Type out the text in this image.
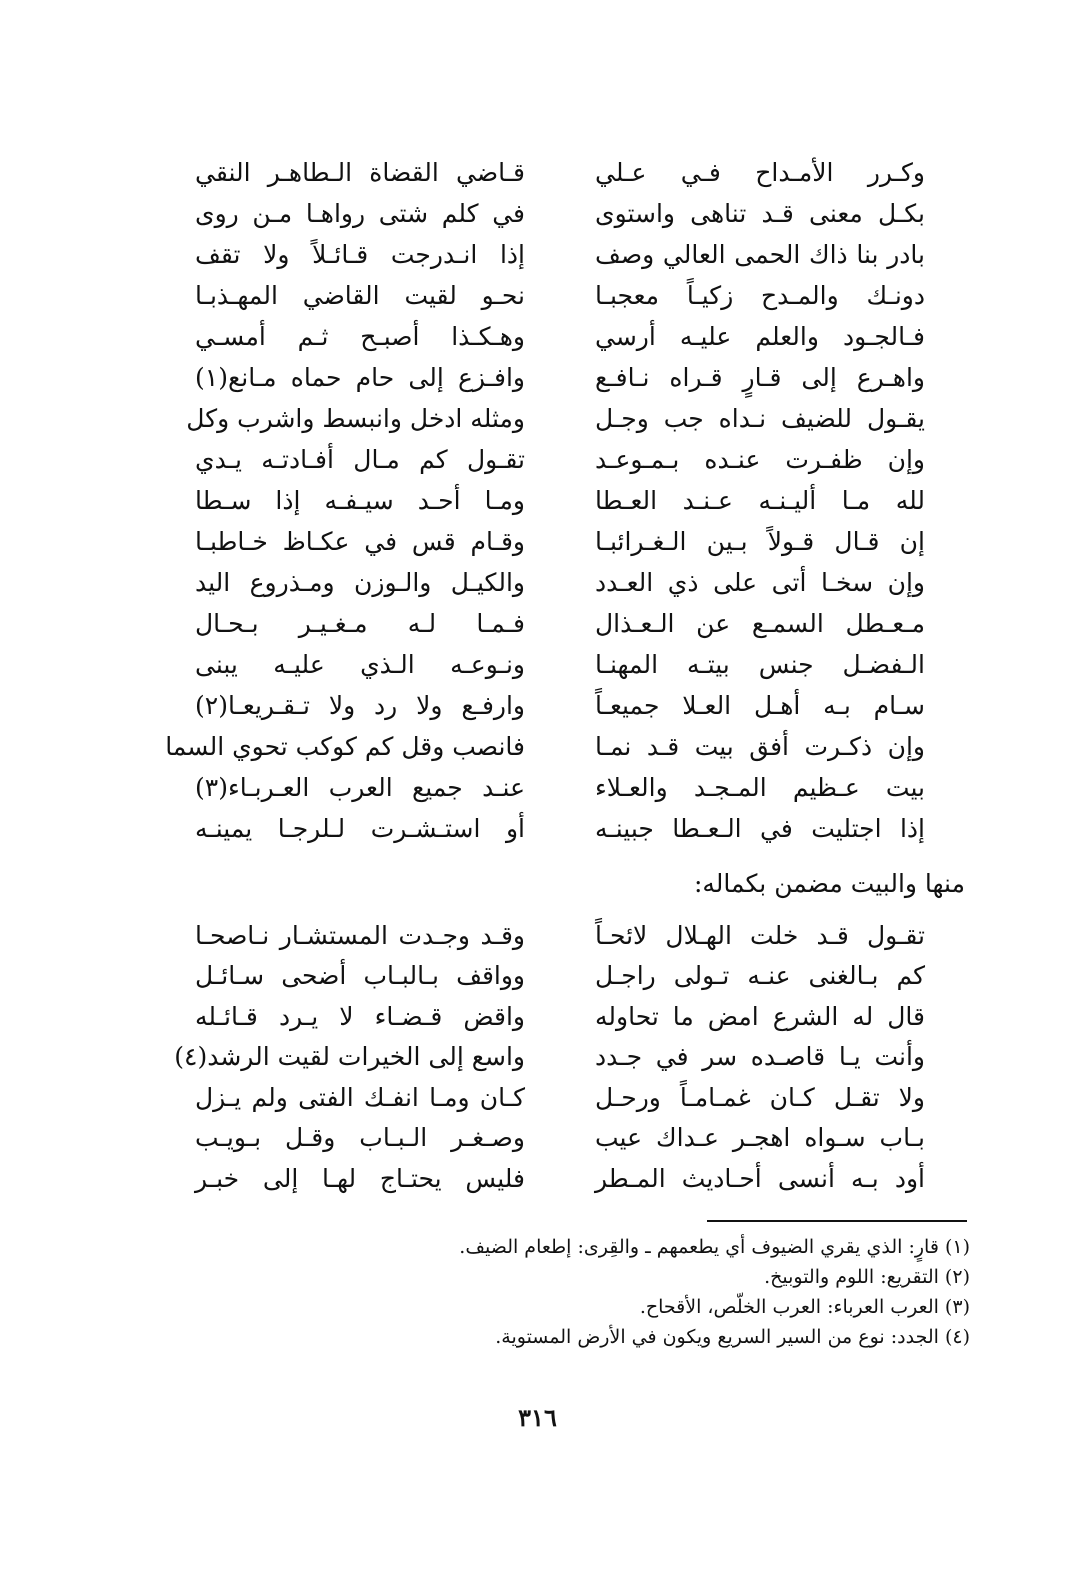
وكـرر الأمـداح فـي عـلي
قـاضي القضاة الـطاهـر النقي
بكـل معنى قـد تناهى واستوى
في كلم شتى رواهـا مـن روى
بادر بنا ذاك الحمى العالي وصف
إذا انـدرجت قـائـلاً ولا تقف
دونـك والمـدح زكيـاً معجبـا
نحـو لقيت القاضي المهـذبـا
فـالجـود والعلم عليـه أرسي
وهـكـذا أصبـح ثـم أمسـي
واهـرع إلى قـارٍ قـراه نـافـع
وافـزع إلى حام حماه مـانع(١)
يقـول للضيف نـداه جب وجـل
ومثله ادخل وانبسط واشرب وكل
وإن ظفـرت عنـده بـمـوعـد
تقـول كم مـال أفـادتـه يـدي
لله مـا أليـنـه عـنـد العـطا
ومـا أحـد سيـفـه إذا سـطا
إن قـال قـولاً بـين الـغـرائبـا
وقـام قس في عكـاظ خـاطبـا
وإن سخـا أتى على ذي العـدد
والكيـل والـوزن ومـذروع اليد
مـعـطل السمـع عن الـعـذال
فـمـا لـه مـغـيـر بـحـال
الـفضـل جنس بيتـه المهنـا
ونـوعـه الـذي عليـه يبنى
سـام بـه أهـل العـلا جميعـاً
وارفـع ولا رد ولا تـقـريعـا(٢)
وإن ذكـرت أفق بيت قـد نمـا
فانصب وقل كم كوكب تحوي السما
بيت عـظيم المـجـد والعـلاء
عنـد جميع العرب العـربـاء(٣)
إذا اجتليت في الـعـطا جبينـه
أو استـشـرت لـلرجـا يمينـه
منها والبيت مضمن بكماله:
تقـول قـد خلت الهـلال لائحـاً
وقـد وجـدت المستشـار نـاصحـا
كم بـالغنى عنـه تـولى راجـل
وواقف بـالبـاب أضحى سـائـل
قال له الشرع امض ما تحاوله
واقض قـضـاء لا يـرد قـائـله
وأنت يـا قاصـده سر في جـدد
واسع إلى الخيرات لقيت الرشد(٤)
ولا تقـل كـان غمـامـاً ورحـل
كـان ومـا انفـك الفتى ولم يـزل
بـاب سـواه اهجـر عـداك عيب
وصـغـر الـبـاب وقـل بـويـب
أود بـه أنسى أحـاديث المـطر
فليس يحتـاج لهـا إلى خبـر
(١) قارٍ: الذي يقري الضيوف أي يطعمهم ـ والقِرى: إطعام الضيف.
(٢) التقريع: اللوم والتوبيخ.
(٣) العرب العرباء: العرب الخلّص، الأقحاح.
(٤) الجدد: نوع من السير السريع ويكون في الأرض المستوية.
٣١٦
